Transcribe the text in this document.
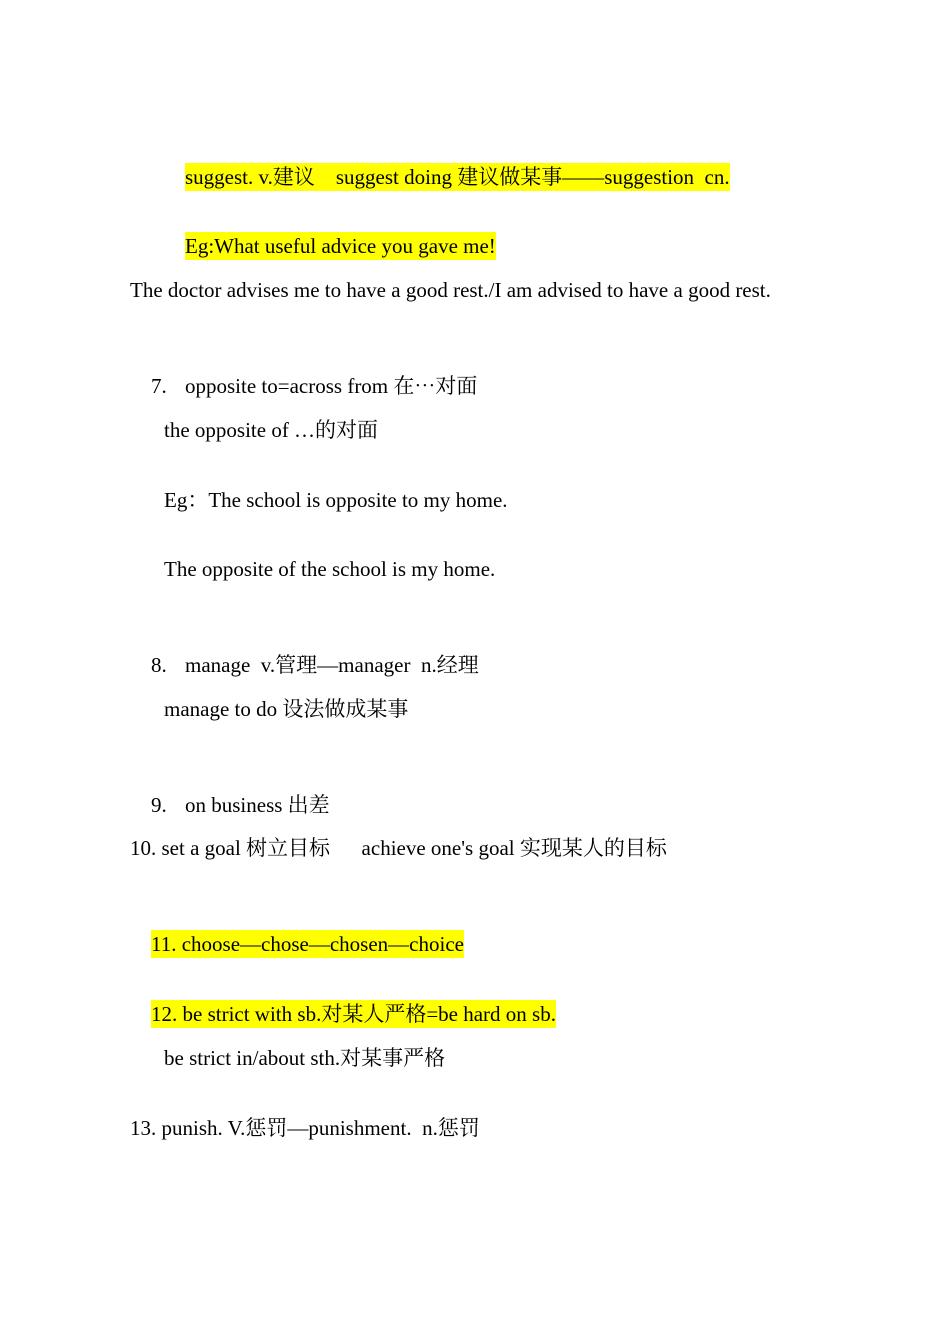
suggest. v.建议    suggest doing 建议做某事——suggestion  cn.

Eg:What useful advice you gave me!

The doctor advises me to have a good rest./I am advised to have a good rest.

7. opposite to=across from 在⋯对面

the opposite of …的对面
Eg：The school is opposite to my home.
The opposite of the school is my home.

8. manage  v.管理—manager  n.经理

manage to do 设法做成某事

9. on business 出差

10. set a goal 树立目标      achieve one's goal 实现某人的目标

11. choose—chose—chosen—choice

12. be strict with sb.对某人严格=be hard on sb.

be strict in/about sth.对某事严格
13. punish. V.惩罚—punishment.  n.惩罚
